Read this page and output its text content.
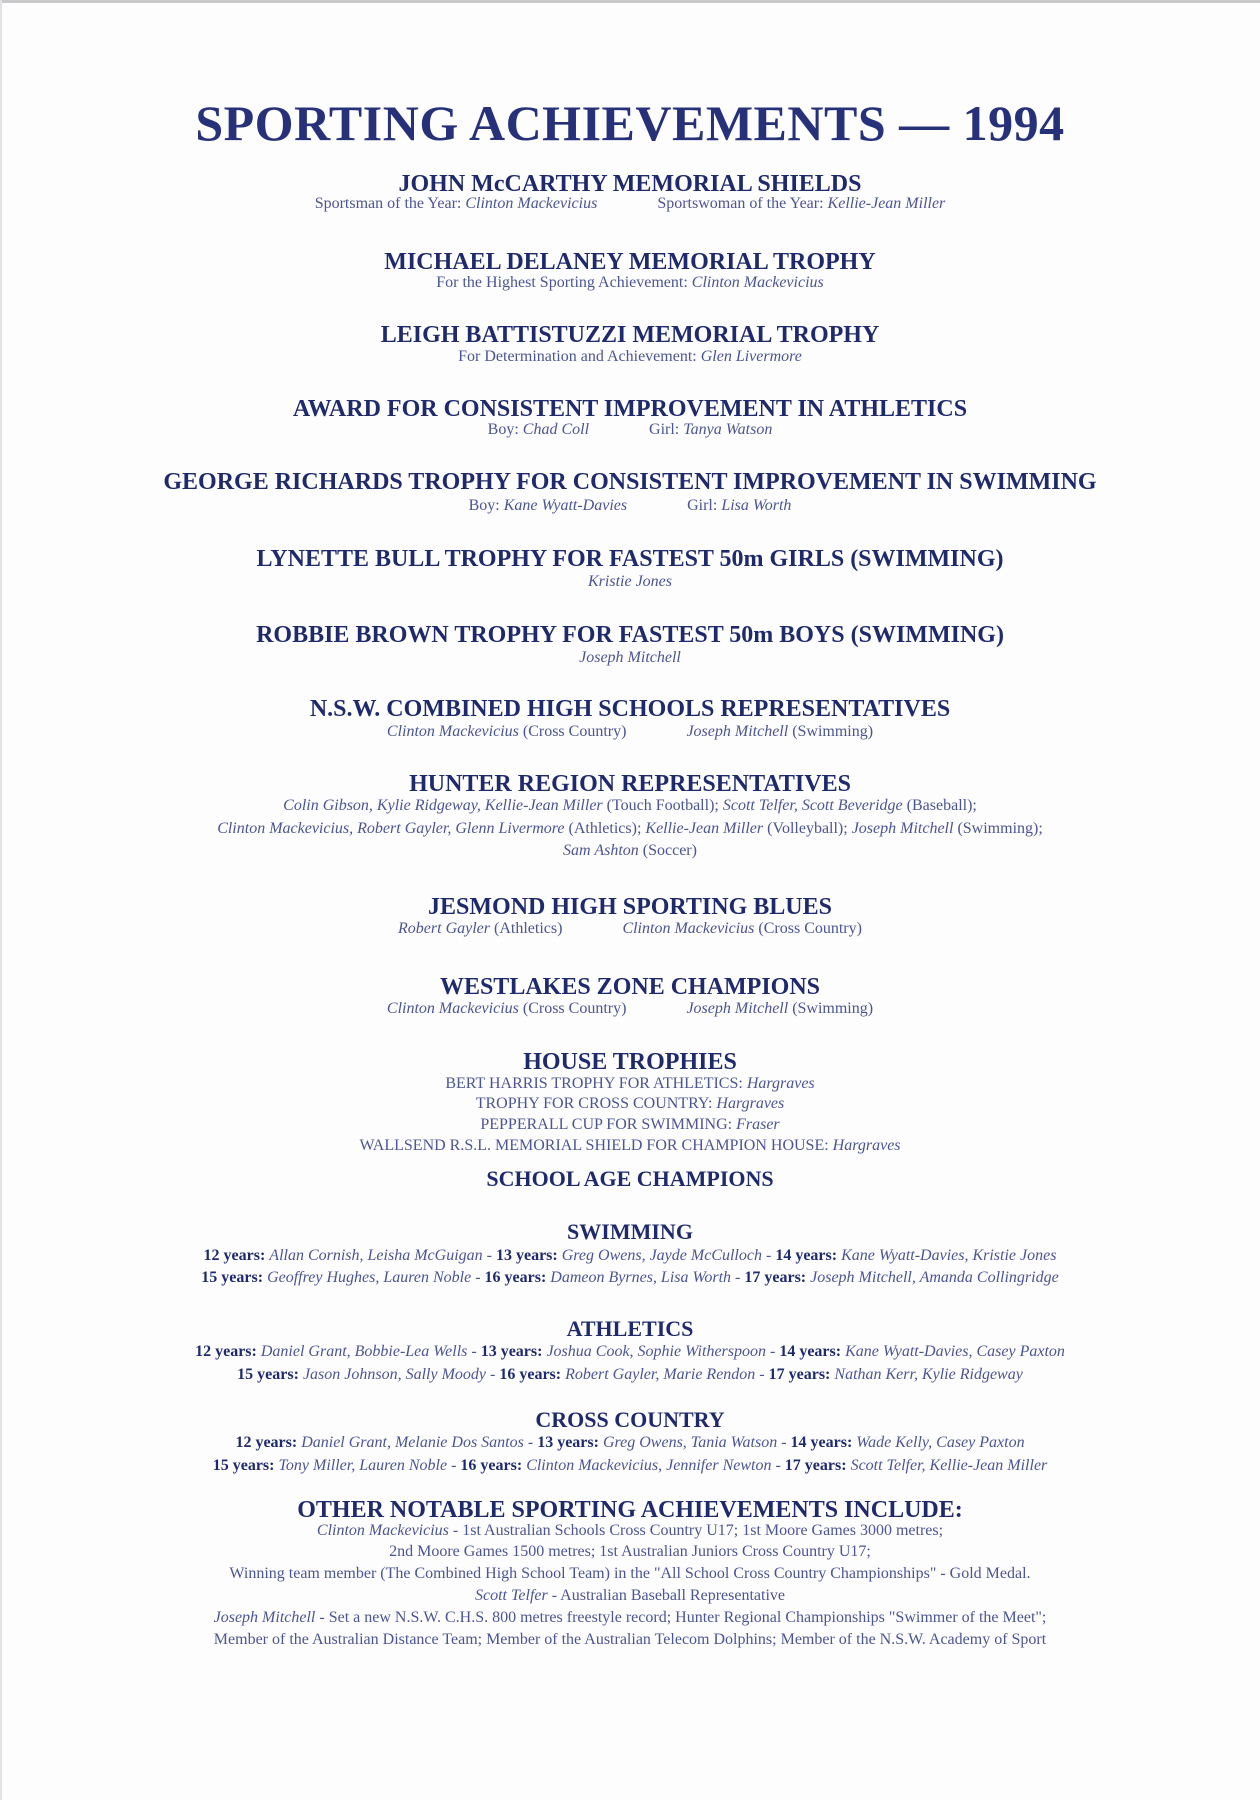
SPORTING ACHIEVEMENTS — 1994
JOHN McCARTHY MEMORIAL SHIELDS
Sportsman of the Year: Clinton Mackevicius	Sportswoman of the Year: Kellie-Jean Miller
MICHAEL DELANEY MEMORIAL TROPHY
For the Highest Sporting Achievement: Clinton Mackevicius
LEIGH BATTISTUZZI MEMORIAL TROPHY
For Determination and Achievement: Glen Livermore
AWARD FOR CONSISTENT IMPROVEMENT IN ATHLETICS
Boy: Chad Coll	Girl: Tanya Watson
GEORGE RICHARDS TROPHY FOR CONSISTENT IMPROVEMENT IN SWIMMING
Boy: Kane Wyatt-Davies	Girl: Lisa Worth
LYNETTE BULL TROPHY FOR FASTEST 50m GIRLS (SWIMMING)
Kristie Jones
ROBBIE BROWN TROPHY FOR FASTEST 50m BOYS (SWIMMING)
Joseph Mitchell
N.S.W. COMBINED HIGH SCHOOLS REPRESENTATIVES
Clinton Mackevicius (Cross Country)	Joseph Mitchell (Swimming)
HUNTER REGION REPRESENTATIVES
Colin Gibson, Kylie Ridgeway, Kellie-Jean Miller (Touch Football); Scott Telfer, Scott Beveridge (Baseball);
Clinton Mackevicius, Robert Gayler, Glenn Livermore (Athletics); Kellie-Jean Miller (Volleyball); Joseph Mitchell (Swimming);
Sam Ashton (Soccer)
JESMOND HIGH SPORTING BLUES
Robert Gayler (Athletics)	Clinton Mackevicius (Cross Country)
WESTLAKES ZONE CHAMPIONS
Clinton Mackevicius (Cross Country)	Joseph Mitchell (Swimming)
HOUSE TROPHIES
BERT HARRIS TROPHY FOR ATHLETICS: Hargraves
TROPHY FOR CROSS COUNTRY: Hargraves
PEPPERALL CUP FOR SWIMMING: Fraser
WALLSEND R.S.L. MEMORIAL SHIELD FOR CHAMPION HOUSE: Hargraves
SCHOOL AGE CHAMPIONS
SWIMMING
12 years: Allan Cornish, Leisha McGuigan - 13 years: Greg Owens, Jayde McCulloch - 14 years: Kane Wyatt-Davies, Kristie Jones
15 years: Geoffrey Hughes, Lauren Noble - 16 years: Dameon Byrnes, Lisa Worth - 17 years: Joseph Mitchell, Amanda Collingridge
ATHLETICS
12 years: Daniel Grant, Bobbie-Lea Wells - 13 years: Joshua Cook, Sophie Witherspoon - 14 years: Kane Wyatt-Davies, Casey Paxton
15 years: Jason Johnson, Sally Moody - 16 years: Robert Gayler, Marie Rendon - 17 years: Nathan Kerr, Kylie Ridgeway
CROSS COUNTRY
12 years: Daniel Grant, Melanie Dos Santos - 13 years: Greg Owens, Tania Watson - 14 years: Wade Kelly, Casey Paxton
15 years: Tony Miller, Lauren Noble - 16 years: Clinton Mackevicius, Jennifer Newton - 17 years: Scott Telfer, Kellie-Jean Miller
OTHER NOTABLE SPORTING ACHIEVEMENTS INCLUDE:
Clinton Mackevicius - 1st Australian Schools Cross Country U17; 1st Moore Games 3000 metres;
2nd Moore Games 1500 metres; 1st Australian Juniors Cross Country U17;
Winning team member (The Combined High School Team) in the "All School Cross Country Championships" - Gold Medal.
Scott Telfer - Australian Baseball Representative
Joseph Mitchell - Set a new N.S.W. C.H.S. 800 metres freestyle record; Hunter Regional Championships "Swimmer of the Meet";
Member of the Australian Distance Team; Member of the Australian Telecom Dolphins; Member of the N.S.W. Academy of Sport
